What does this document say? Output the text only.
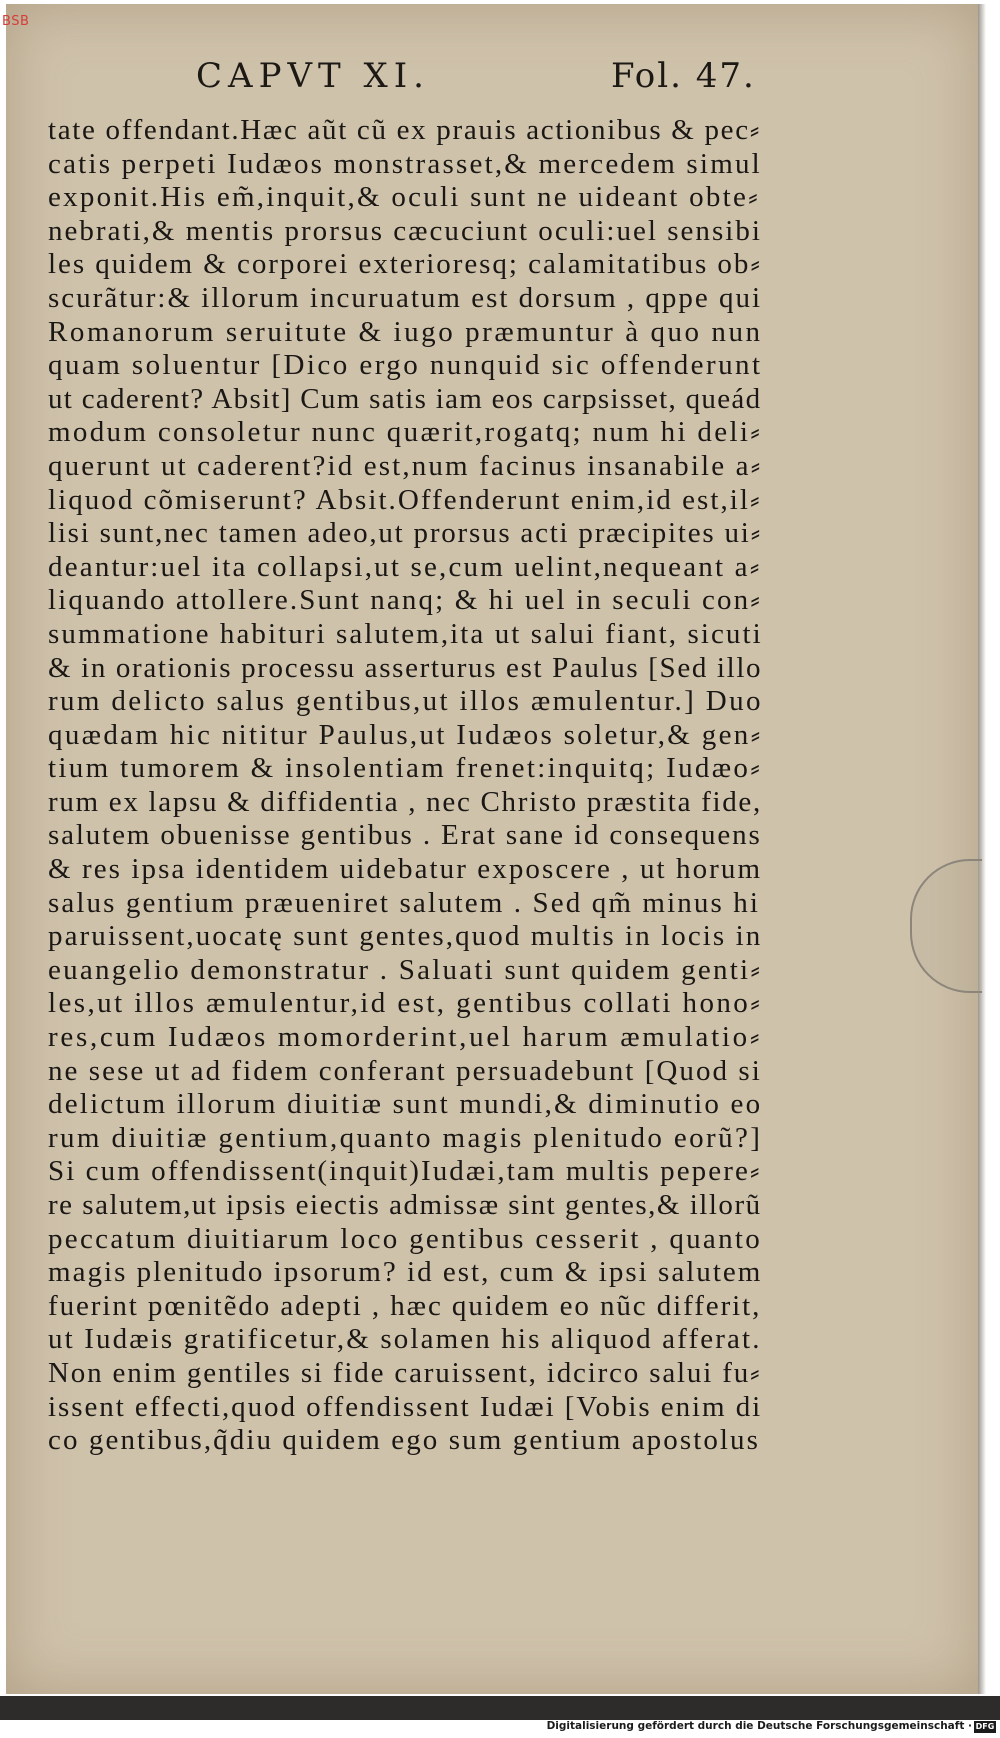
CAPVT XI.	Fol. 47.
tate offendant.Hæc aũt cũ ex prauis actionibus & pec⸗
catis perpeti Iudæos monstrasset,& mercedem simul
exponit.His em̃,inquit,& oculi sunt ne uideant obte⸗
nebrati,& mentis prorsus cæcuciunt oculi:uel sensibi
les quidem & corporei exterioresq; calamitatibus ob⸗
scurãtur:& illorum incuruatum est dorsum , qppe qui
Romanorum seruitute & iugo præmuntur à quo nun
quam soluentur [Dico ergo nunquid sic offenderunt
ut caderent? Absit] Cum satis iam eos carpsisset, queád
modum consoletur nunc quærit,rogatq; num hi deli⸗
querunt ut caderent?id est,num facinus insanabile a⸗
liquod cõmiserunt? Absit.Offenderunt enim,id est,il⸗
lisi sunt,nec tamen adeo,ut prorsus acti præcipites ui⸗
deantur:uel ita collapsi,ut se,cum uelint,nequeant a⸗
liquando attollere.Sunt nanq; & hi uel in seculi con⸗
summatione habituri salutem,ita ut salui fiant, sicuti
& in orationis processu asserturus est Paulus [Sed illo
rum delicto salus gentibus,ut illos æmulentur.] Duo
quædam hic nititur Paulus,ut Iudæos soletur,& gen⸗
tium tumorem & insolentiam frenet:inquitq; Iudæo⸗
rum ex lapsu & diffidentia , nec Christo præstita fide,
salutem obuenisse gentibus . Erat sane id consequens
& res ipsa identidem uidebatur exposcere , ut horum
salus gentium præueniret salutem . Sed qm̃ minus hi
paruissent,uocatę sunt gentes,quod multis in locis in
euangelio demonstratur . Saluati sunt quidem genti⸗
les,ut illos æmulentur,id est, gentibus collati hono⸗
res,cum Iudæos momorderint,uel harum æmulatio⸗
ne sese ut ad fidem conferant persuadebunt [Quod si
delictum illorum diuitiæ sunt mundi,& diminutio eo
rum diuitiæ gentium,quanto magis plenitudo eorũ?]
Si cum offendissent(inquit)Iudæi,tam multis pepere⸗
re salutem,ut ipsis eiectis admissæ sint gentes,& illorũ
peccatum diuitiarum loco gentibus cesserit , quanto
magis plenitudo ipsorum? id est, cum & ipsi salutem
fuerint pœnitẽdo adepti , hæc quidem eo nũc differit,
ut Iudæis gratificetur,& solamen his aliquod afferat.
Non enim gentiles si fide caruissent, idcirco salui fu⸗
issent effecti,quod offendissent Iudæi [Vobis enim di
co gentibus,q̃diu quidem ego sum gentium apostolus
BSB
Digitalisierung gefördert durch die Deutsche Forschungsgemeinschaft · DFG
